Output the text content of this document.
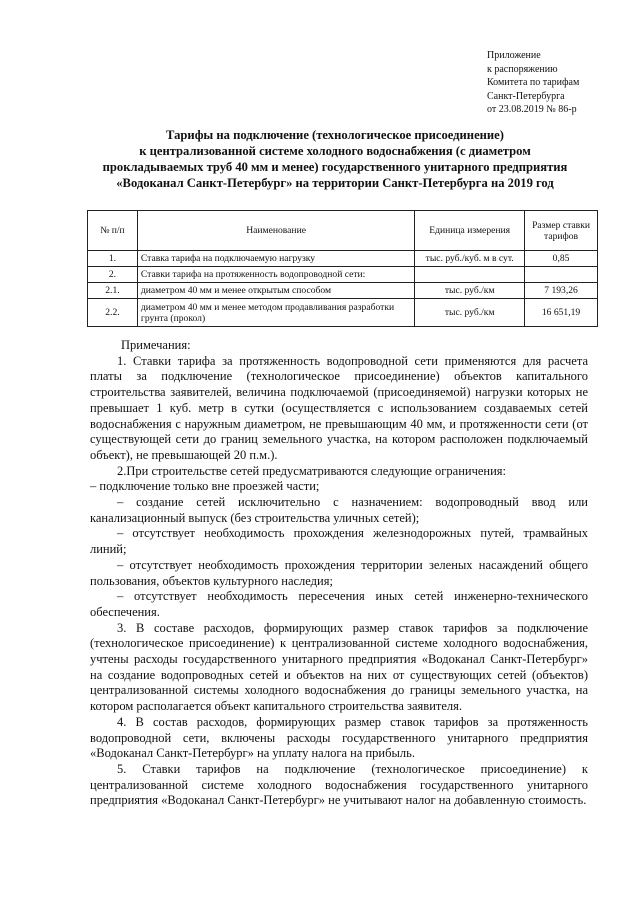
Приложение
к распоряжению
Комитета по тарифам
Санкт-Петербурга
от 23.08.2019 № 86-р
Тарифы на подключение (технологическое присоединение)
к централизованной системе холодного водоснабжения (с диаметром
прокладываемых труб 40 мм и менее) государственного унитарного предприятия
«Водоканал Санкт-Петербург» на территории Санкт-Петербурга на 2019 год
№ п/п	Наименование	Единица измерения	Размер ставки тарифов
1.	Ставка тарифа на подключаемую нагрузку	тыс. руб./куб. м в сут.	0,85
2.	Ставки тарифа на протяженность водопроводной сети:		
2.1.	диаметром 40 мм и менее открытым способом	тыс. руб./км	7 193,26
2.2.	диаметром 40 мм и менее методом продавливания разработки грунта (прокол)	тыс. руб./км	16 651,19

Примечания:

1. Ставки тарифа за протяженность водопроводной сети применяются для расчета платы за подключение (технологическое присоединение) объектов капитального строительства заявителей, величина подключаемой (присоединяемой) нагрузки которых не превышает 1 куб. метр в сутки (осуществляется с использованием создаваемых сетей водоснабжения с наружным диаметром, не превышающим 40 мм, и протяженности сети (от существующей сети до границ земельного участка, на котором расположен подключаемый объект), не превышающей 20 п.м.).

2.При строительстве сетей предусматриваются следующие ограничения:

– подключение только вне проезжей части;

– создание сетей исключительно с назначением: водопроводный ввод или канализационный выпуск (без строительства уличных сетей);

– отсутствует необходимость прохождения железнодорожных путей, трамвайных линий;

– отсутствует необходимость прохождения территории зеленых насаждений общего пользования, объектов культурного наследия;

– отсутствует необходимость пересечения иных сетей инженерно-технического обеспечения.

3. В составе расходов, формирующих размер ставок тарифов за подключение (технологическое присоединение) к централизованной системе холодного водоснабжения, учтены расходы государственного унитарного предприятия «Водоканал Санкт-Петербург» на создание водопроводных сетей и объектов на них от существующих сетей (объектов) централизованной системы холодного водоснабжения до границы земельного участка, на котором располагается объект капитального строительства заявителя.

4. В состав расходов, формирующих размер ставок тарифов за протяженность водопроводной сети, включены расходы государственного унитарного предприятия «Водоканал Санкт-Петербург» на уплату налога на прибыль.

5. Ставки тарифов на подключение (технологическое присоединение) к централизованной системе холодного водоснабжения государственного унитарного предприятия «Водоканал Санкт-Петербург» не учитывают налог на добавленную стоимость.
